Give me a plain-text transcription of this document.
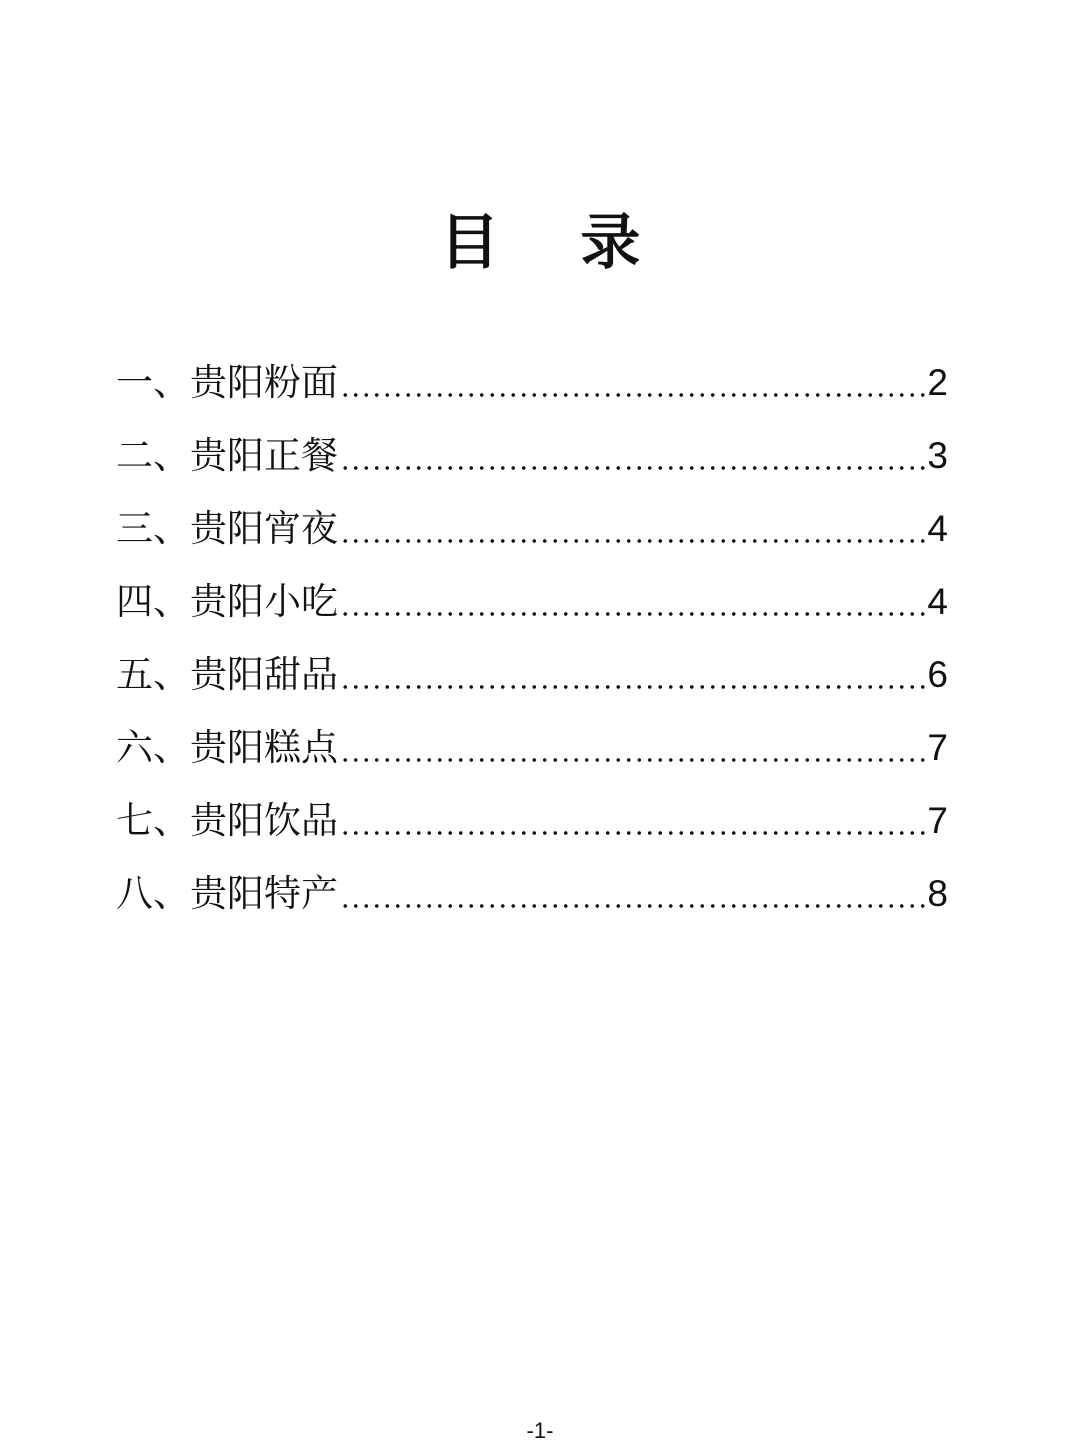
目 录
一、贵阳粉面	2
二、贵阳正餐	3
三、贵阳宵夜	4
四、贵阳小吃	4
五、贵阳甜品	6
六、贵阳糕点	7
七、贵阳饮品	7
八、贵阳特产	8
-1-
